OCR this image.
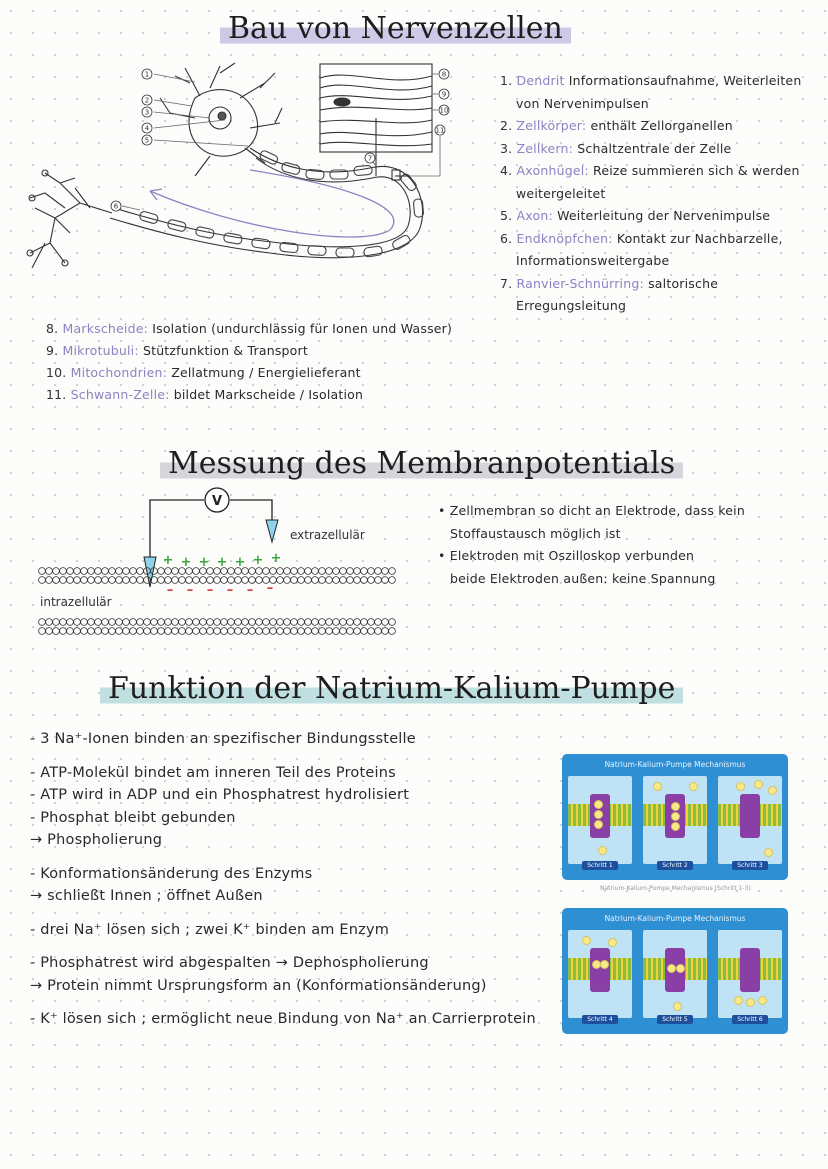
Bau von Nervenzellen
Messung des Membranpotentials
Funktion der Natrium-Kalium-Pumpe
1
2
3
4
5
6
7
8
9
10
11
1. Dendrit Informationsaufnahme, Weiterleiten
von Nervenimpulsen
2. Zellkörper: enthält Zellorganellen
3. Zellkern: Schaltzentrale der Zelle
4. Axonhügel: Reize summieren sich & werden
weitergeleitet
5. Axon: Weiterleitung der Nervenimpulse
6. Endknöpfchen: Kontakt zur Nachbarzelle,
Informationsweitergabe
7. Ranvier-Schnürring: saltorische
Erregungsleitung
8. Markscheide: Isolation (undurchlässig für Ionen und Wasser)
9. Mikrotubuli: Stützfunktion & Transport
10. Mitochondrien: Zellatmung / Energielieferant
11. Schwann-Zelle: bildet Markscheide / Isolation
V
+ + + + + + +
– – – – – –
extrazellulär
intrazellulär
• Zellmembran so dicht an Elektrode, dass kein
Stoffaustausch möglich ist
• Elektroden mit Oszilloskop verbunden
beide Elektroden außen: keine Spannung
- 3 Na⁺-Ionen binden an spezifischer Bindungsstelle
- ATP-Molekül bindet am inneren Teil des Proteins
- ATP wird in ADP und ein Phosphatrest hydrolisiert
- Phosphat bleibt gebunden
→ Phospholierung
- Konformationsänderung des Enzyms
→ schließt Innen ; öffnet Außen
- drei Na⁺ lösen sich ; zwei K⁺ binden am Enzym
- Phosphatrest wird abgespalten → Dephospholierung
→ Protein nimmt Ursprungsform an (Konformationsänderung)
- K⁺ lösen sich ; ermöglicht neue Bindung von Na⁺ an Carrierprotein
Natrium-Kalium-Pumpe Mechanismus
Schritt 1	Schritt 2	Schritt 3
Natrium-Kalium-Pumpe Mechanismus (Schritt 1-3)
Natrium-Kalium-Pumpe Mechanismus
Schritt 4	Schritt 5	Schritt 6
